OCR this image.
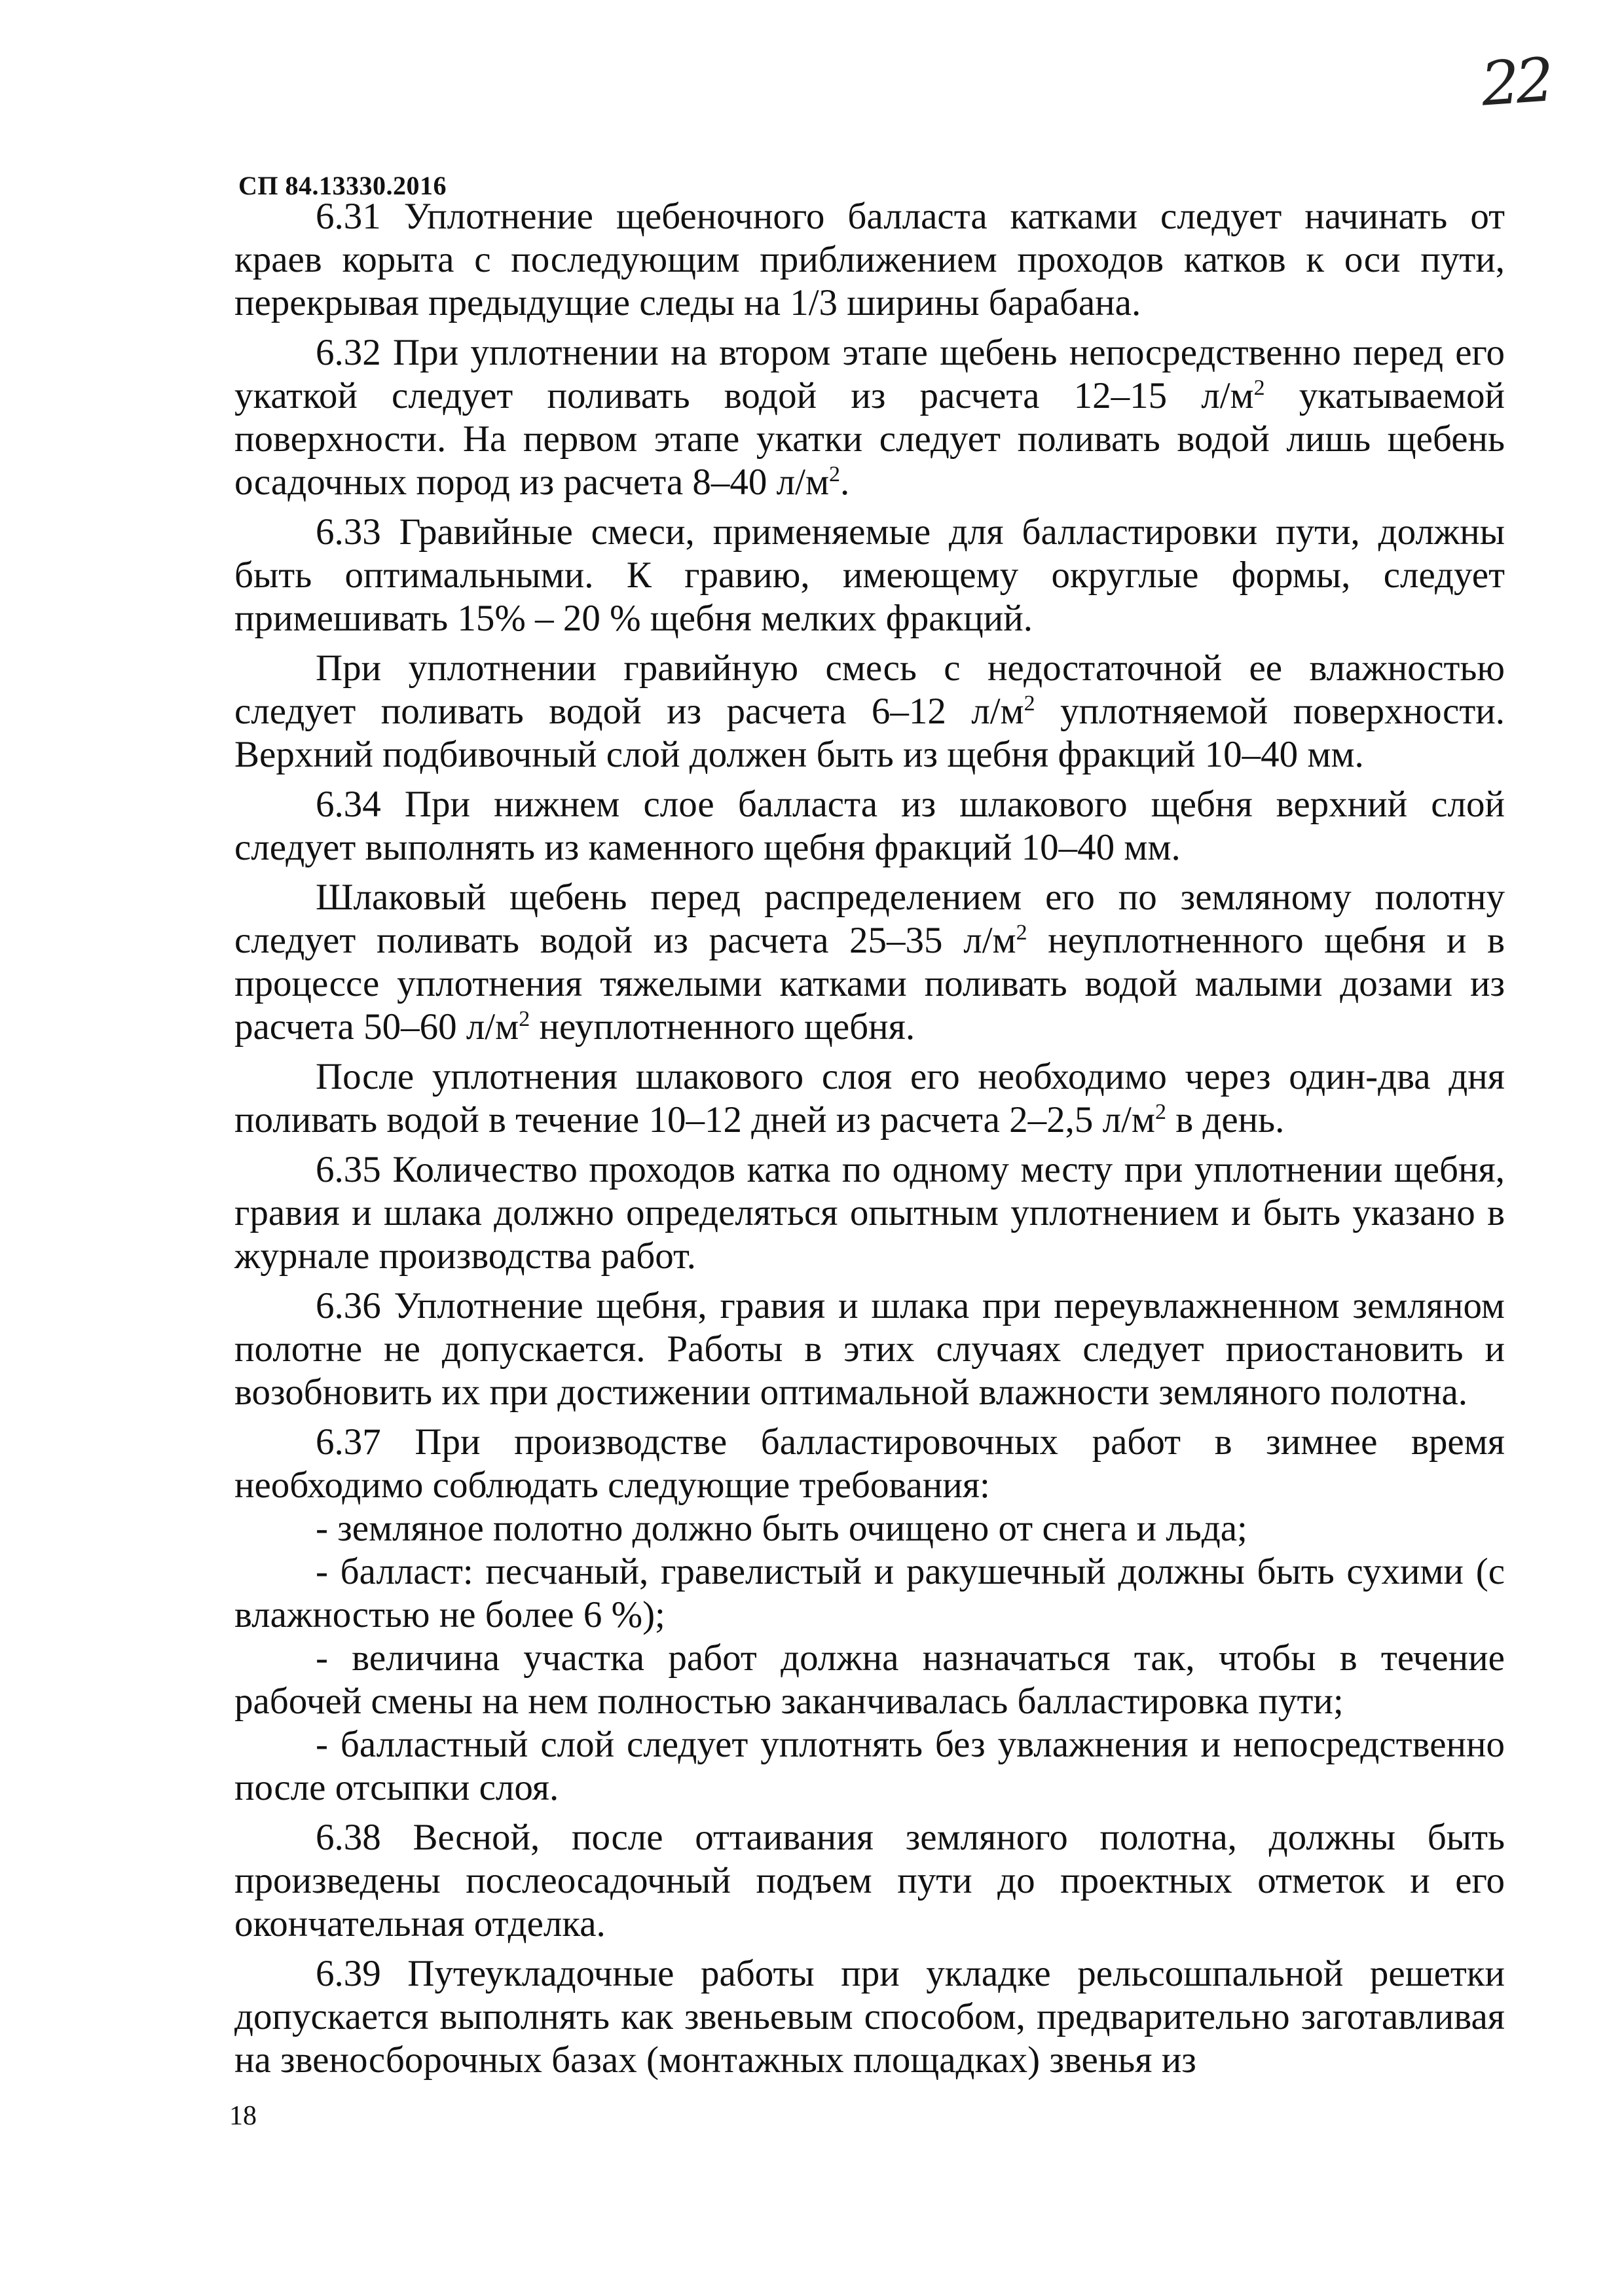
22
СП 84.13330.2016

6.31 Уплотнение щебеночного балласта катками следует начинать от краев корыта с последующим приближением проходов катков к оси пути, перекрывая предыдущие следы на 1/3 ширины барабана.

6.32 При уплотнении на втором этапе щебень непосредственно перед его укаткой следует поливать водой из расчета 12–15 $л/м^2$ укатываемой поверхности. На первом этапе укатки следует поливать водой лишь щебень осадочных пород из расчета 8–40 $л/м^2$.

6.33 Гравийные смеси, применяемые для балластировки пути, должны быть оптимальными. К гравию, имеющему округлые формы, следует примешивать 15% – 20 % щебня мелких фракций.

При уплотнении гравийную смесь с недостаточной ее влажностью следует поливать водой из расчета 6–12 $л/м^2$ уплотняемой поверхности. Верхний подбивочный слой должен быть из щебня фракций 10–40 мм.

6.34 При нижнем слое балласта из шлакового щебня верхний слой следует выполнять из каменного щебня фракций 10–40 мм.

Шлаковый щебень перед распределением его по земляному полотну следует поливать водой из расчета 25–35 $л/м^2$ неуплотненного щебня и в процессе уплотнения тяжелыми катками поливать водой малыми дозами из расчета 50–60 $л/м^2$ неуплотненного щебня.

После уплотнения шлакового слоя его необходимо через один-два дня поливать водой в течение 10–12 дней из расчета 2–2,5 $л/м^2$ в день.

6.35 Количество проходов катка по одному месту при уплотнении щебня, гравия и шлака должно определяться опытным уплотнением и быть указано в журнале производства работ.

6.36 Уплотнение щебня, гравия и шлака при переувлажненном земляном полотне не допускается. Работы в этих случаях следует приостановить и возобновить их при достижении оптимальной влажности земляного полотна.

6.37 При производстве балластировочных работ в зимнее время необходимо соблюдать следующие требования:

- земляное полотно должно быть очищено от снега и льда;

- балласт: песчаный, гравелистый и ракушечный должны быть сухими (с влажностью не более 6 %);

- величина участка работ должна назначаться так, чтобы в течение рабочей смены на нем полностью заканчивалась балластировка пути;

- балластный слой следует уплотнять без увлажнения и непосредственно после отсыпки слоя.

6.38 Весной, после оттаивания земляного полотна, должны быть произведены послеосадочный подъем пути до проектных отметок и его окончательная отделка.

6.39 Путеукладочные работы при укладке рельсошпальной решетки допускается выполнять как звеньевым способом, предварительно заготавливая на звеносборочных базах (монтажных площадках) звенья из

18
